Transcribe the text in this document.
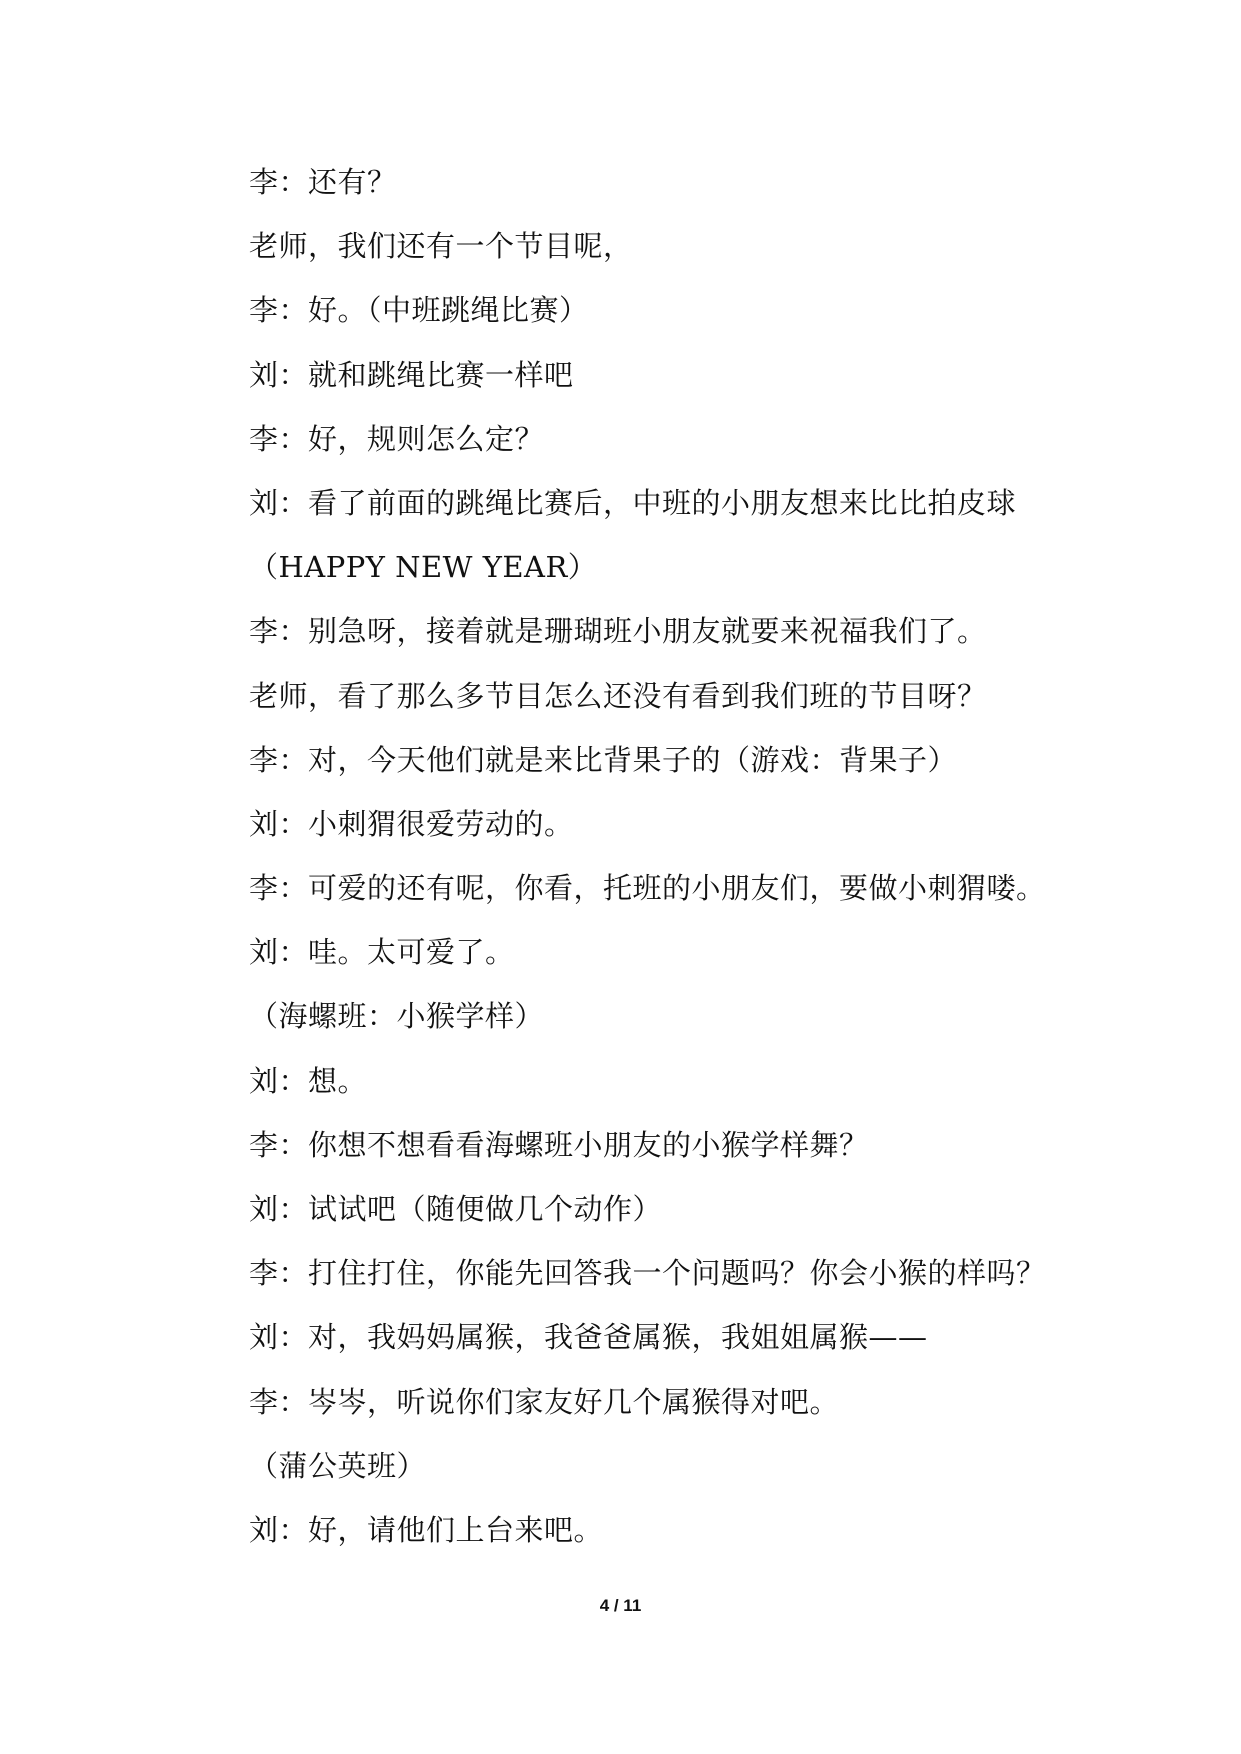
李：还有？
老师，我们还有一个节目呢，
李：好。（中班跳绳比赛）
刘：就和跳绳比赛一样吧
李：好，规则怎么定？
刘：看了前面的跳绳比赛后，中班的小朋友想来比比拍皮球
（HAPPY NEW YEAR）
李：别急呀，接着就是珊瑚班小朋友就要来祝福我们了。
老师，看了那么多节目怎么还没有看到我们班的节目呀？
李：对，今天他们就是来比背果子的（游戏：背果子）
刘：小刺猬很爱劳动的。
李：可爱的还有呢，你看，托班的小朋友们，要做小刺猬喽。
刘：哇。太可爱了。
（海螺班：小猴学样）
刘：想。
李：你想不想看看海螺班小朋友的小猴学样舞？
刘：试试吧（随便做几个动作）
李：打住打住，你能先回答我一个问题吗？你会小猴的样吗？
刘：对，我妈妈属猴，我爸爸属猴，我姐姐属猴——
李：岑岑，听说你们家友好几个属猴得对吧。
（蒲公英班）
刘：好，请他们上台来吧。
4 / 11
